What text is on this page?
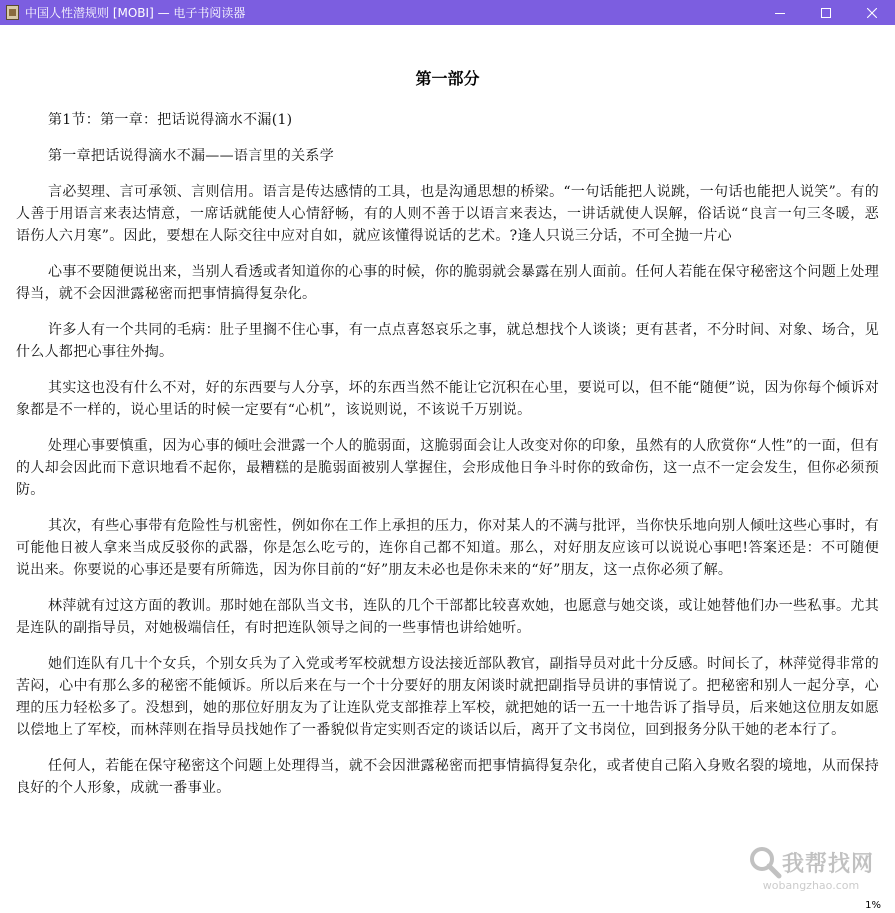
中国人性潜规则 [MOBI] — 电子书阅读器
第一部分

第1节：第一章：把话说得滴水不漏(1)

第一章把话说得滴水不漏——语言里的关系学

言必契理、言可承领、言则信用。语言是传达感情的工具，也是沟通思想的桥梁。“一句话能把人说跳，一句话也能把人说笑”。有的人善于用语言来表达情意，一席话就能使人心情舒畅，有的人则不善于以语言来表达，一讲话就使人误解，俗话说“良言一句三冬暖，恶语伤人六月寒”。因此，要想在人际交往中应对自如，就应该懂得说话的艺术。?逢人只说三分话，不可全抛一片心

心事不要随便说出来，当别人看透或者知道你的心事的时候，你的脆弱就会暴露在别人面前。任何人若能在保守秘密这个问题上处理得当，就不会因泄露秘密而把事情搞得复杂化。

许多人有一个共同的毛病：肚子里搁不住心事，有一点点喜怒哀乐之事，就总想找个人谈谈；更有甚者，不分时间、对象、场合，见什么人都把心事往外掏。

其实这也没有什么不对，好的东西要与人分享，坏的东西当然不能让它沉积在心里，要说可以，但不能“随便”说，因为你每个倾诉对象都是不一样的，说心里话的时候一定要有“心机”，该说则说，不该说千万别说。

处理心事要慎重，因为心事的倾吐会泄露一个人的脆弱面，这脆弱面会让人改变对你的印象，虽然有的人欣赏你“人性”的一面，但有的人却会因此而下意识地看不起你，最糟糕的是脆弱面被别人掌握住，会形成他日争斗时你的致命伤，这一点不一定会发生，但你必须预防。

其次，有些心事带有危险性与机密性，例如你在工作上承担的压力，你对某人的不满与批评，当你快乐地向别人倾吐这些心事时，有可能他日被人拿来当成反驳你的武器，你是怎么吃亏的，连你自己都不知道。那么，对好朋友应该可以说说心事吧!答案还是：不可随便说出来。你要说的心事还是要有所筛选，因为你目前的“好”朋友未必也是你未来的“好”朋友，这一点你必须了解。

林萍就有过这方面的教训。那时她在部队当文书，连队的几个干部都比较喜欢她，也愿意与她交谈，或让她替他们办一些私事。尤其是连队的副指导员，对她极端信任，有时把连队领导之间的一些事情也讲给她听。

她们连队有几十个女兵，个别女兵为了入党或考军校就想方设法接近部队教官，副指导员对此十分反感。时间长了，林萍觉得非常的苦闷，心中有那么多的秘密不能倾诉。所以后来在与一个十分要好的朋友闲谈时就把副指导员讲的事情说了。把秘密和别人一起分享，心理的压力轻松多了。没想到，她的那位好朋友为了让连队党支部推荐上军校，就把她的话一五一十地告诉了指导员，后来她这位朋友如愿以偿地上了军校，而林萍则在指导员找她作了一番貌似肯定实则否定的谈话以后，离开了文书岗位，回到报务分队干她的老本行了。

任何人，若能在保守秘密这个问题上处理得当，就不会因泄露秘密而把事情搞得复杂化，或者使自己陷入身败名裂的境地，从而保持良好的个人形象，成就一番事业。

我帮找网
wobangzhao.com
1%
